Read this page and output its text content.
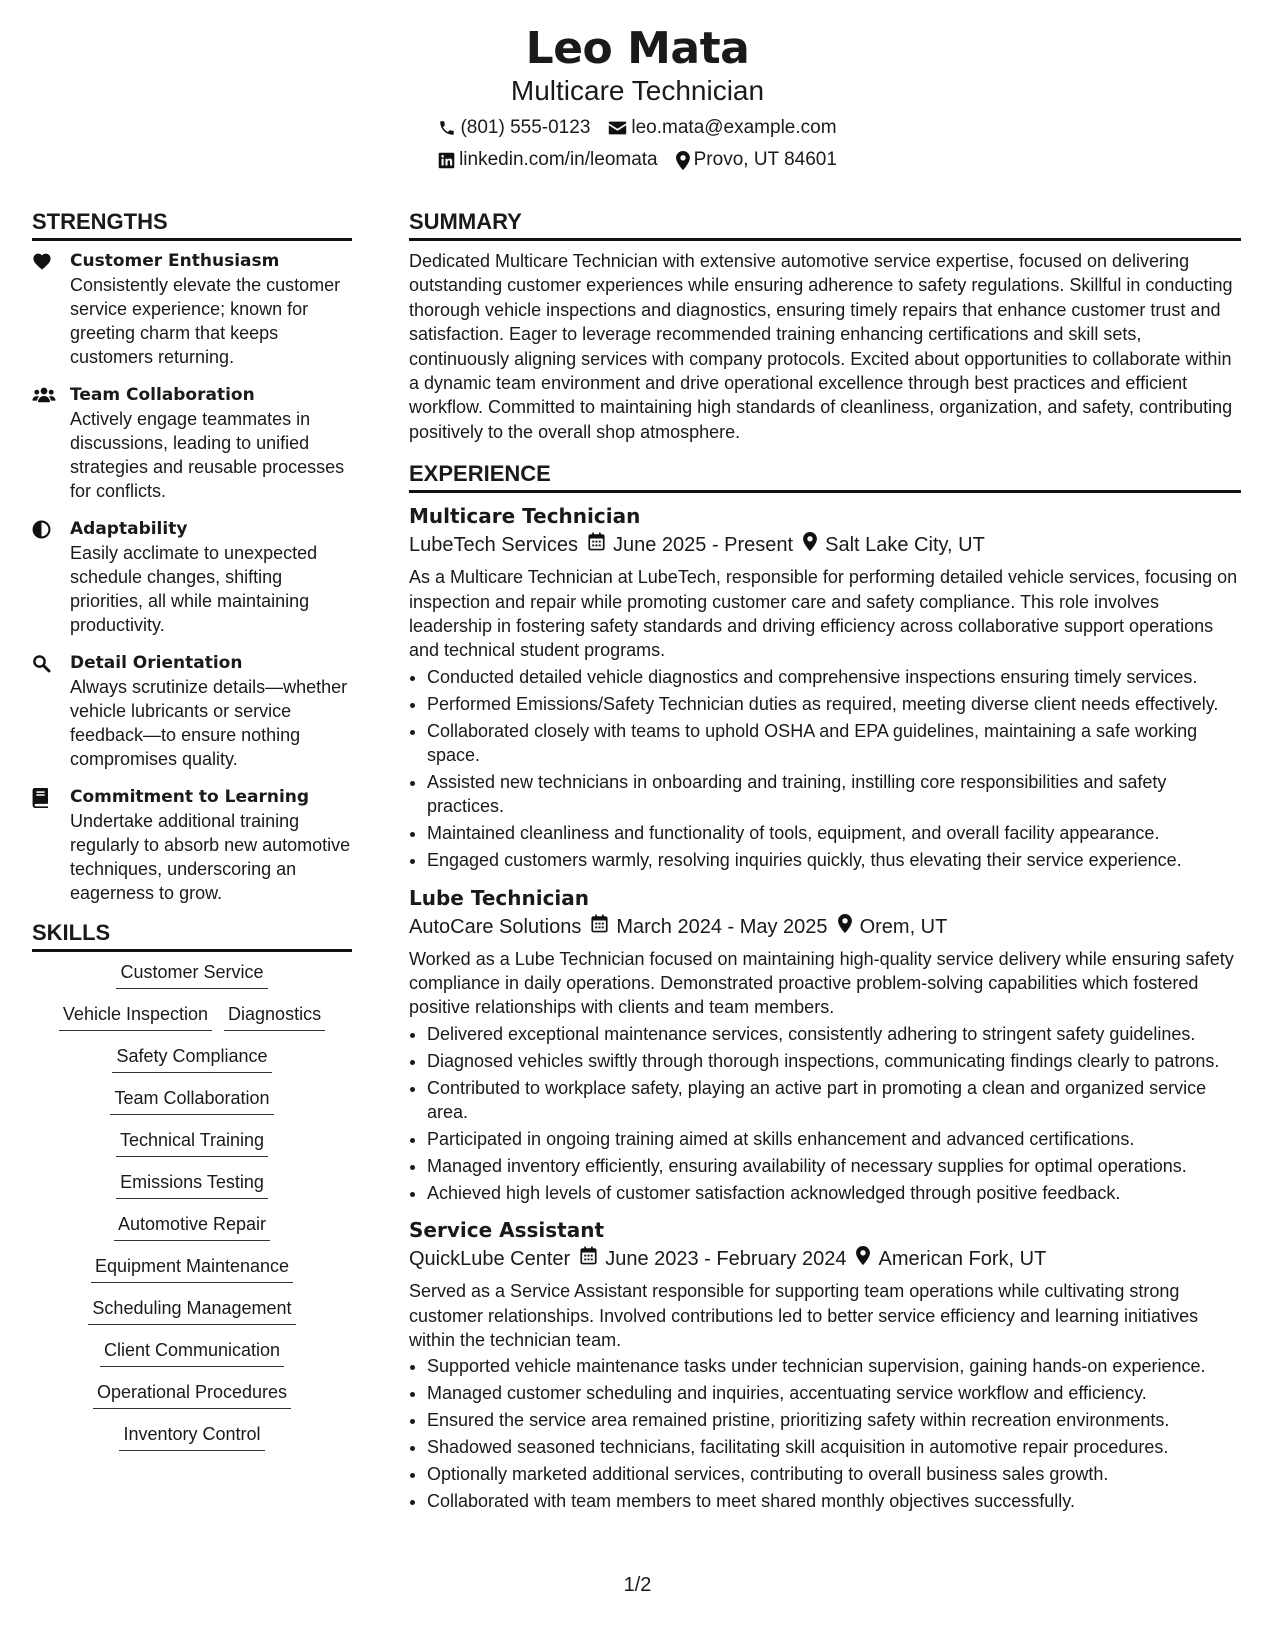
Leo Mata
Multicare Technician
(801) 555-0123 leo.mata@example.com
linkedin.com/in/leomata Provo, UT 84601
STRENGTHS
Customer Enthusiasm
Consistently elevate the customer service experience; known for greeting charm that keeps customers returning.
Team Collaboration
Actively engage teammates in discussions, leading to unified strategies and reusable processes for conflicts.
Adaptability
Easily acclimate to unexpected schedule changes, shifting priorities, all while maintaining productivity.
Detail Orientation
Always scrutinize details—whether vehicle lubricants or service feedback—to ensure nothing compromises quality.
Commitment to Learning
Undertake additional training regularly to absorb new automotive techniques, underscoring an eagerness to grow.
SKILLS
Customer Service
Vehicle Inspection Diagnostics
Safety Compliance
Team Collaboration
Technical Training
Emissions Testing
Automotive Repair
Equipment Maintenance
Scheduling Management
Client Communication
Operational Procedures
Inventory Control
SUMMARY
Dedicated Multicare Technician with extensive automotive service expertise, focused on delivering outstanding customer experiences while ensuring adherence to safety regulations. Skillful in conducting thorough vehicle inspections and diagnostics, ensuring timely repairs that enhance customer trust and satisfaction. Eager to leverage recommended training enhancing certifications and skill sets, continuously aligning services with company protocols. Excited about opportunities to collaborate within a dynamic team environment and drive operational excellence through best practices and efficient workflow. Committed to maintaining high standards of cleanliness, organization, and safety, contributing positively to the overall shop atmosphere.
EXPERIENCE
Multicare Technician
LubeTech Services June 2025 - Present Salt Lake City, UT
As a Multicare Technician at LubeTech, responsible for performing detailed vehicle services, focusing on inspection and repair while promoting customer care and safety compliance. This role involves leadership in fostering safety standards and driving efficiency across collaborative support operations and technical student programs.
• Conducted detailed vehicle diagnostics and comprehensive inspections ensuring timely services.
• Performed Emissions/Safety Technician duties as required, meeting diverse client needs effectively.
• Collaborated closely with teams to uphold OSHA and EPA guidelines, maintaining a safe working space.
• Assisted new technicians in onboarding and training, instilling core responsibilities and safety practices.
• Maintained cleanliness and functionality of tools, equipment, and overall facility appearance.
• Engaged customers warmly, resolving inquiries quickly, thus elevating their service experience.
Lube Technician
AutoCare Solutions March 2024 - May 2025 Orem, UT
Worked as a Lube Technician focused on maintaining high-quality service delivery while ensuring safety compliance in daily operations. Demonstrated proactive problem-solving capabilities which fostered positive relationships with clients and team members.
• Delivered exceptional maintenance services, consistently adhering to stringent safety guidelines.
• Diagnosed vehicles swiftly through thorough inspections, communicating findings clearly to patrons.
• Contributed to workplace safety, playing an active part in promoting a clean and organized service area.
• Participated in ongoing training aimed at skills enhancement and advanced certifications.
• Managed inventory efficiently, ensuring availability of necessary supplies for optimal operations.
• Achieved high levels of customer satisfaction acknowledged through positive feedback.
Service Assistant
QuickLube Center June 2023 - February 2024 American Fork, UT
Served as a Service Assistant responsible for supporting team operations while cultivating strong customer relationships. Involved contributions led to better service efficiency and learning initiatives within the technician team.
• Supported vehicle maintenance tasks under technician supervision, gaining hands-on experience.
• Managed customer scheduling and inquiries, accentuating service workflow and efficiency.
• Ensured the service area remained pristine, prioritizing safety within recreation environments.
• Shadowed seasoned technicians, facilitating skill acquisition in automotive repair procedures.
• Optionally marketed additional services, contributing to overall business sales growth.
• Collaborated with team members to meet shared monthly objectives successfully.
1/2
